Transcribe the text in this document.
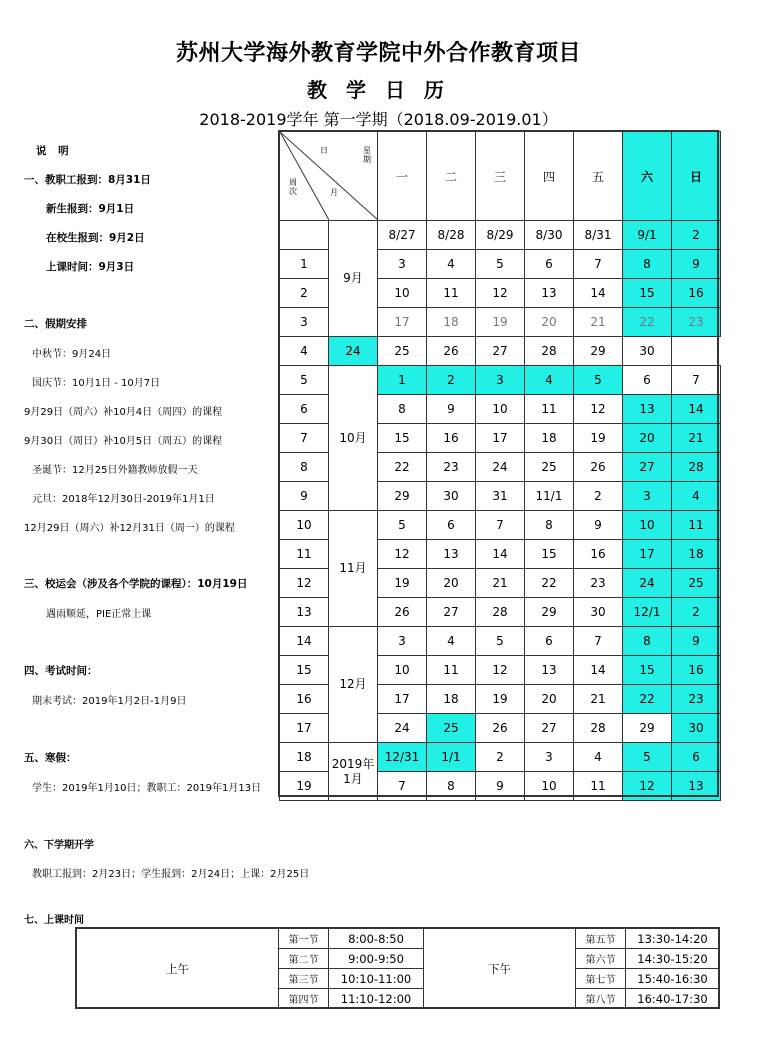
苏州大学海外教育学院中外合作教育项目
教 学 日 历
2018-2019学年 第一学期（2018.09-2019.01）
说 明
一、教职工报到：8月31日
新生报到：9月1日
在校生报到：9月2日
上课时间：9月3日
二、假期安排
中秋节：9月24日
国庆节：10月1日 - 10月7日
9月29日（周六）补10月4日（周四）的课程
9月30日（周日）补10月5日（周五）的课程
圣诞节：12月25日外籍教师放假一天
元旦：2018年12月30日-2019年1月1日
12月29日（周六）补12月31日（周一）的课程
三、校运会（涉及各个学院的课程）：10月19日
遇雨顺延，PIE正常上课
四、考试时间：
期末考试：2019年1月2日-1月9日
五、寒假：
学生：2019年1月10日；教职工：2019年1月13日
日 星期
周次 月		一	二	三	四	五	六	日
	9月	8/27	8/28	8/29	8/30	8/31	9/1	2
1		3	4	5	6	7	8	9
2		10	11	12	13	14	15	16
3		17	18	19	20	21	22	23
4	24	25	26	27	28	29	30	
5	10月	1	2	3	4	5	6	7
6		8	9	10	11	12	13	14
7		15	16	17	18	19	20	21
8		22	23	24	25	26	27	28
9		29	30	31	11/1	2	3	4
10	11月	5	6	7	8	9	10	11
11		12	13	14	15	16	17	18
12		19	20	21	22	23	24	25
13		26	27	28	29	30	12/1	2
14	12月	3	4	5	6	7	8	9
15		10	11	12	13	14	15	16
16		17	18	19	20	21	22	23
17		24	25	26	27	28	29	30
18	2019年1月	12/31	1/1	2	3	4	5	6
19		7	8	9	10	11	12	13
六、下学期开学
教职工报到：2月23日；学生报到：2月24日；上课：2月25日
七、上课时间
上午	第一节	8:00-8:50	下午	第五节	13:30-14:20
	第二节	9:00-9:50		第六节	14:30-15:20
	第三节	10:10-11:00		第七节	15:40-16:30
	第四节	11:10-12:00		第八节	16:40-17:30
